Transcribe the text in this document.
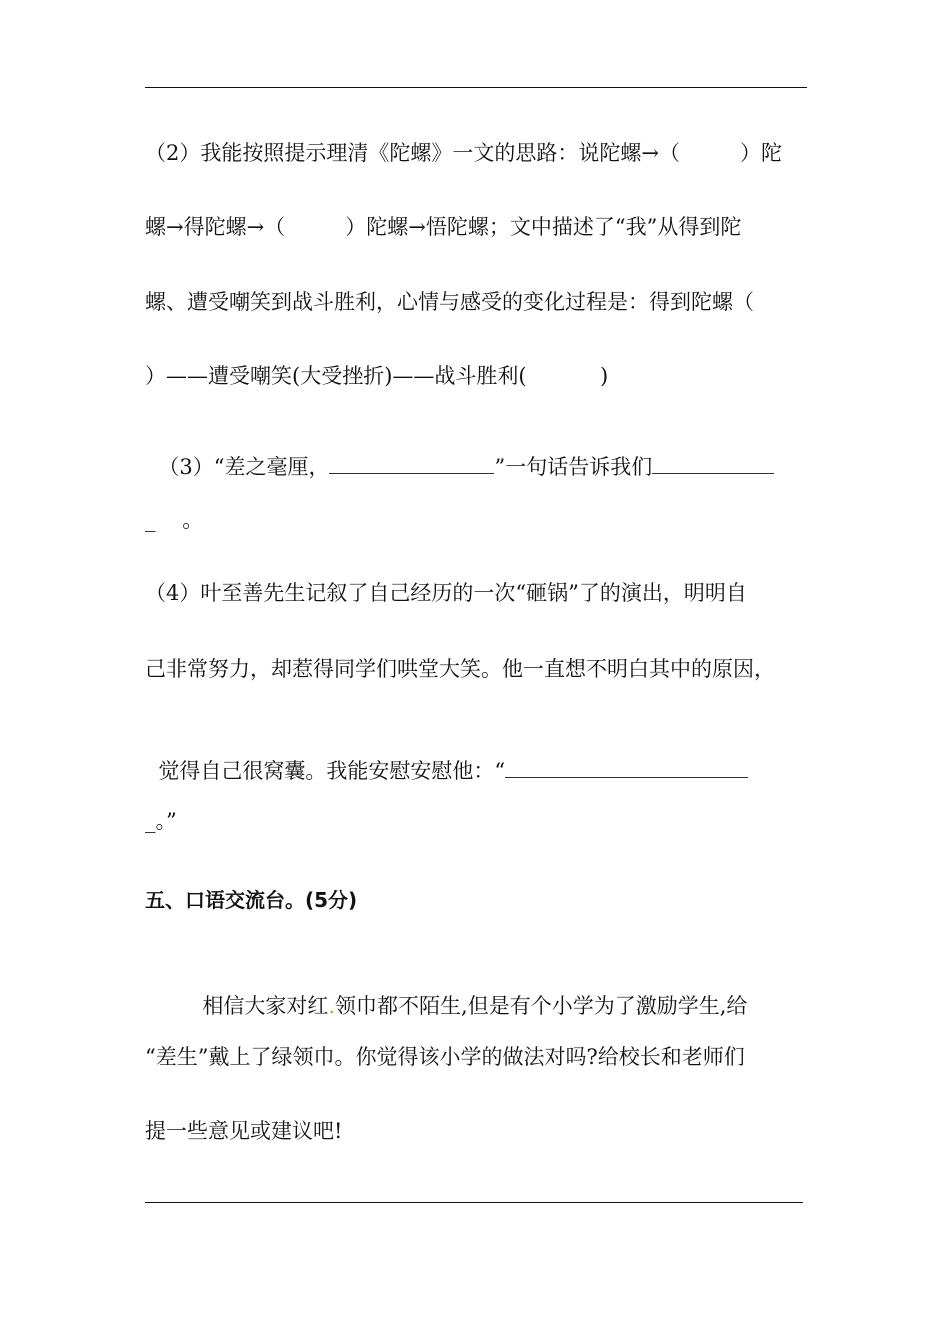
（2）我能按照提示理清《陀螺》一文的思路：说陀螺→（         ）陀
螺→得陀螺→（         ）陀螺→悟陀螺；文中描述了“我”从得到陀
螺、遭受嘲笑到战斗胜利，心情与感受的变化过程是：得到陀螺（
）——遭受嘲笑(大受挫折)——战斗胜利(           )

（3）“差之毫厘，	”一句话告诉我们

_    。
（4）叶至善先生记叙了自己经历的一次“砸锅”了的演出，明明自
己非常努力，却惹得同学们哄堂大笑。他一直想不明白其中的原因，

觉得自己很窝囊。我能安慰安慰他：“

_。”
五、口语交流台。(5分)

相信大家对红.领巾都不陌生,但是有个小学为了激励学生,给

“差生”戴上了绿领巾。你觉得该小学的做法对吗?给校长和老师们
提一些意见或建议吧!
